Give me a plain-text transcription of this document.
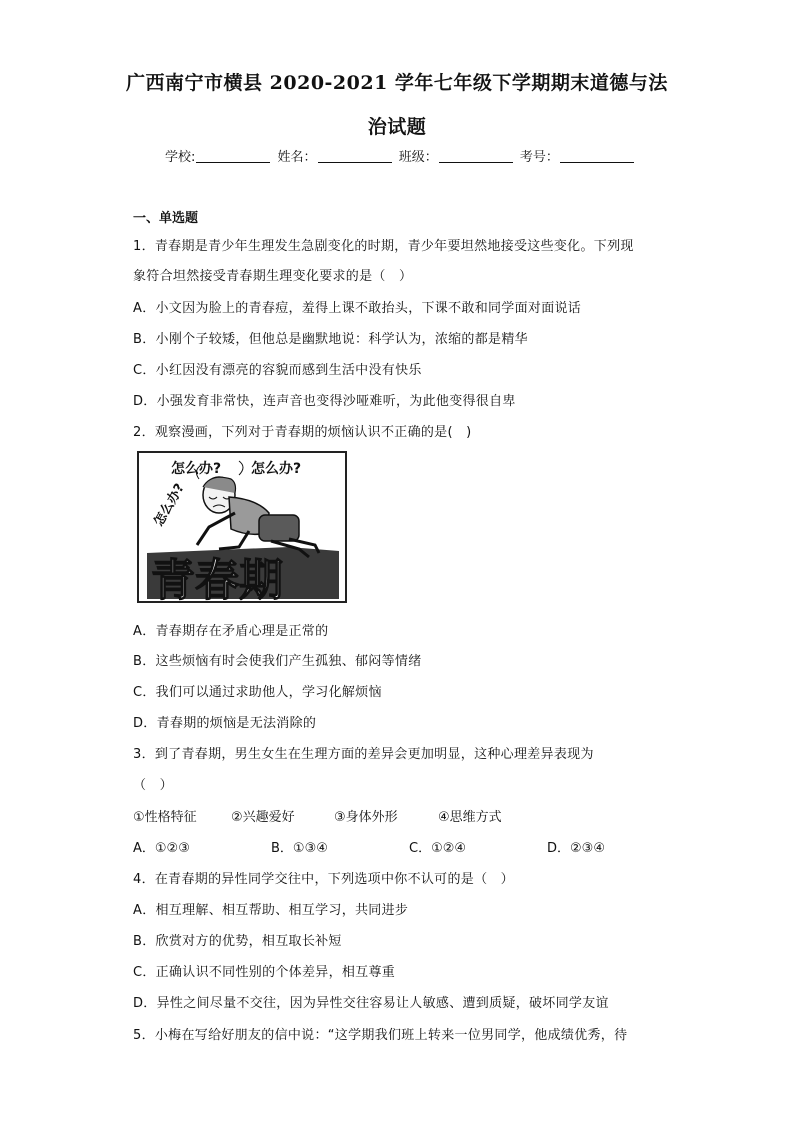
广西南宁市横县 2020-2021 学年七年级下学期期末道德与法
治试题
学校:	姓名：	班级：	考号：
一、单选题
1．青春期是青少年生理发生急剧变化的时期，青少年要坦然地接受这些变化。下列现
象符合坦然接受青春期生理变化要求的是（　）
A．小文因为脸上的青春痘，羞得上课不敢抬头，下课不敢和同学面对面说话
B．小刚个子较矮，但他总是幽默地说：科学认为，浓缩的都是精华
C．小红因没有漂亮的容貌而感到生活中没有快乐
D．小强发育非常快，连声音也变得沙哑难听，为此他变得很自卑
2．观察漫画，下列对于青春期的烦恼认识不正确的是(　)
青春期
怎么办? 怎么办?
怎么办?
A．青春期存在矛盾心理是正常的
B．这些烦恼有时会使我们产生孤独、郁闷等情绪
C．我们可以通过求助他人，学习化解烦恼
D．青春期的烦恼是无法消除的
3．到了青春期，男生女生在生理方面的差异会更加明显，这种心理差异表现为
（　）
①性格特征	②兴趣爱好	③身体外形	④思维方式
A．①②③	B．①③④	C．①②④	D．②③④
4．在青春期的异性同学交往中，下列选项中你不认可的是（　）
A．相互理解、相互帮助、相互学习，共同进步
B．欣赏对方的优势，相互取长补短
C．正确认识不同性别的个体差异，相互尊重
D．异性之间尽量不交往，因为异性交往容易让人敏感、遭到质疑，破坏同学友谊
5．小梅在写给好朋友的信中说：“这学期我们班上转来一位男同学，他成绩优秀，待
